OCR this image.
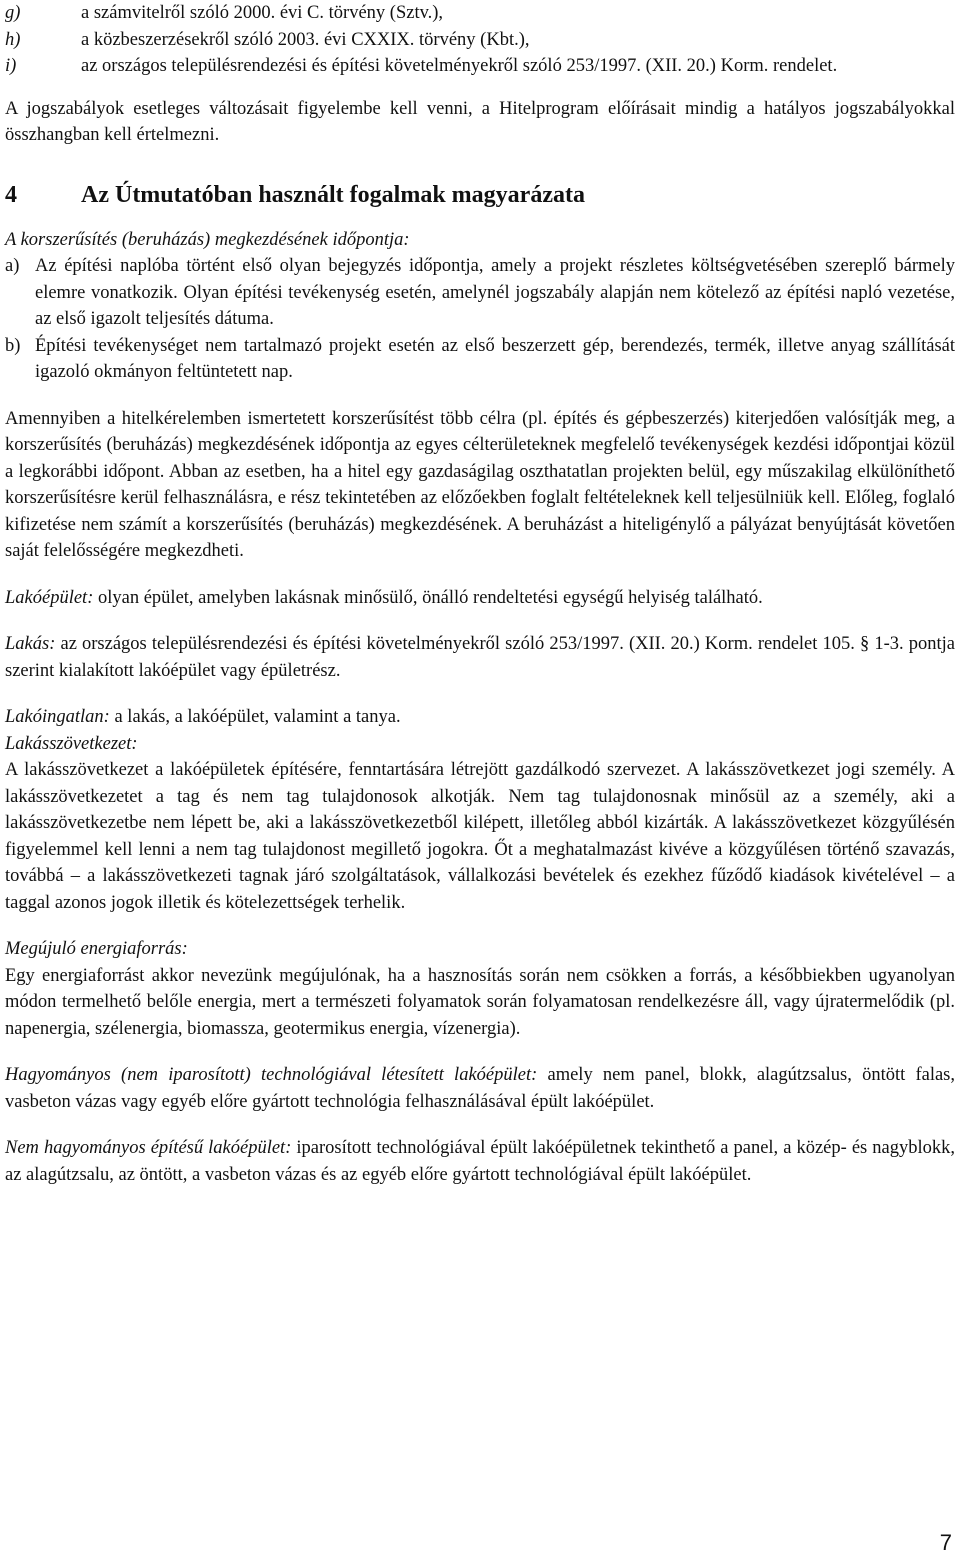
g)	a számvitelről szóló 2000. évi C. törvény (Sztv.),
h)	a közbeszerzésekről szóló 2003. évi CXXIX. törvény (Kbt.),
i)	az országos településrendezési és építési követelményekről szóló 253/1997. (XII. 20.) Korm. rendelet.

A jogszabályok esetleges változásait figyelembe kell venni, a Hitelprogram előírásait mindig a hatályos jogszabályokkal összhangban kell értelmezni.

4	Az Útmutatóban használt fogalmak magyarázata
A korszerűsítés (beruházás) megkezdésének időpontja:
a) Az építési naplóba történt első olyan bejegyzés időpontja, amely a projekt részletes költségvetésében szereplő bármely elemre vonatkozik. Olyan építési tevékenység esetén, amelynél jogszabály alapján nem kötelező az építési napló vezetése, az első igazolt teljesítés dátuma.
b) Építési tevékenységet nem tartalmazó projekt esetén az első beszerzett gép, berendezés, termék, illetve anyag szállítását igazoló okmányon feltüntetett nap.

Amennyiben a hitelkérelemben ismertetett korszerűsítést több célra (pl. építés és gépbeszerzés) kiterjedően valósítják meg, a korszerűsítés (beruházás) megkezdésének időpontja az egyes célterületeknek megfelelő tevékenységek kezdési időpontjai közül a legkorábbi időpont. Abban az esetben, ha a hitel egy gazdaságilag oszthatatlan projekten belül, egy műszakilag elkülöníthető korszerűsítésre kerül felhasználásra, e rész tekintetében az előzőekben foglalt feltételeknek kell teljesülniük kell. Előleg, foglaló kifizetése nem számít a korszerűsítés (beruházás) megkezdésének. A beruházást a hiteligénylő a pályázat benyújtását követően saját felelősségére megkezdheti.

Lakóépület: olyan épület, amelyben lakásnak minősülő, önálló rendeltetési egységű helyiség található.

Lakás: az országos településrendezési és építési követelményekről szóló 253/1997. (XII. 20.) Korm. rendelet 105. § 1-3. pontja szerint kialakított lakóépület vagy épületrész.

Lakóingatlan: a lakás, a lakóépület, valamint a tanya.

Lakásszövetkezet:

A lakásszövetkezet a lakóépületek építésére, fenntartására létrejött gazdálkodó szervezet. A lakásszövetkezet jogi személy. A lakásszövetkezetet a tag és nem tag tulajdonosok alkotják. Nem tag tulajdonosnak minősül az a személy, aki a lakásszövetkezetbe nem lépett be, aki a lakásszövetkezetből kilépett, illetőleg abból kizárták. A lakásszövetkezet közgyűlésén figyelemmel kell lenni a nem tag tulajdonost megillető jogokra. Őt a meghatalmazást kivéve a közgyűlésen történő szavazás, továbbá – a lakásszövetkezeti tagnak járó szolgáltatások, vállalkozási bevételek és ezekhez fűződő kiadások kivételével – a taggal azonos jogok illetik és kötelezettségek terhelik.

Megújuló energiaforrás:

Egy energiaforrást akkor nevezünk megújulónak, ha a hasznosítás során nem csökken a forrás, a későbbiekben ugyanolyan módon termelhető belőle energia, mert a természeti folyamatok során folyamatosan rendelkezésre áll, vagy újratermelődik (pl. napenergia, szélenergia, biomassza, geotermikus energia, vízenergia).

Hagyományos (nem iparosított) technológiával létesített lakóépület: amely nem panel, blokk, alagútzsalus, öntött falas, vasbeton vázas vagy egyéb előre gyártott technológia felhasználásával épült lakóépület.

Nem hagyományos építésű lakóépület: iparosított technológiával épült lakóépületnek tekinthető a panel, a közép- és nagyblokk, az alagútzsalu, az öntött, a vasbeton vázas és az egyéb előre gyártott technológiával épült lakóépület.

7
